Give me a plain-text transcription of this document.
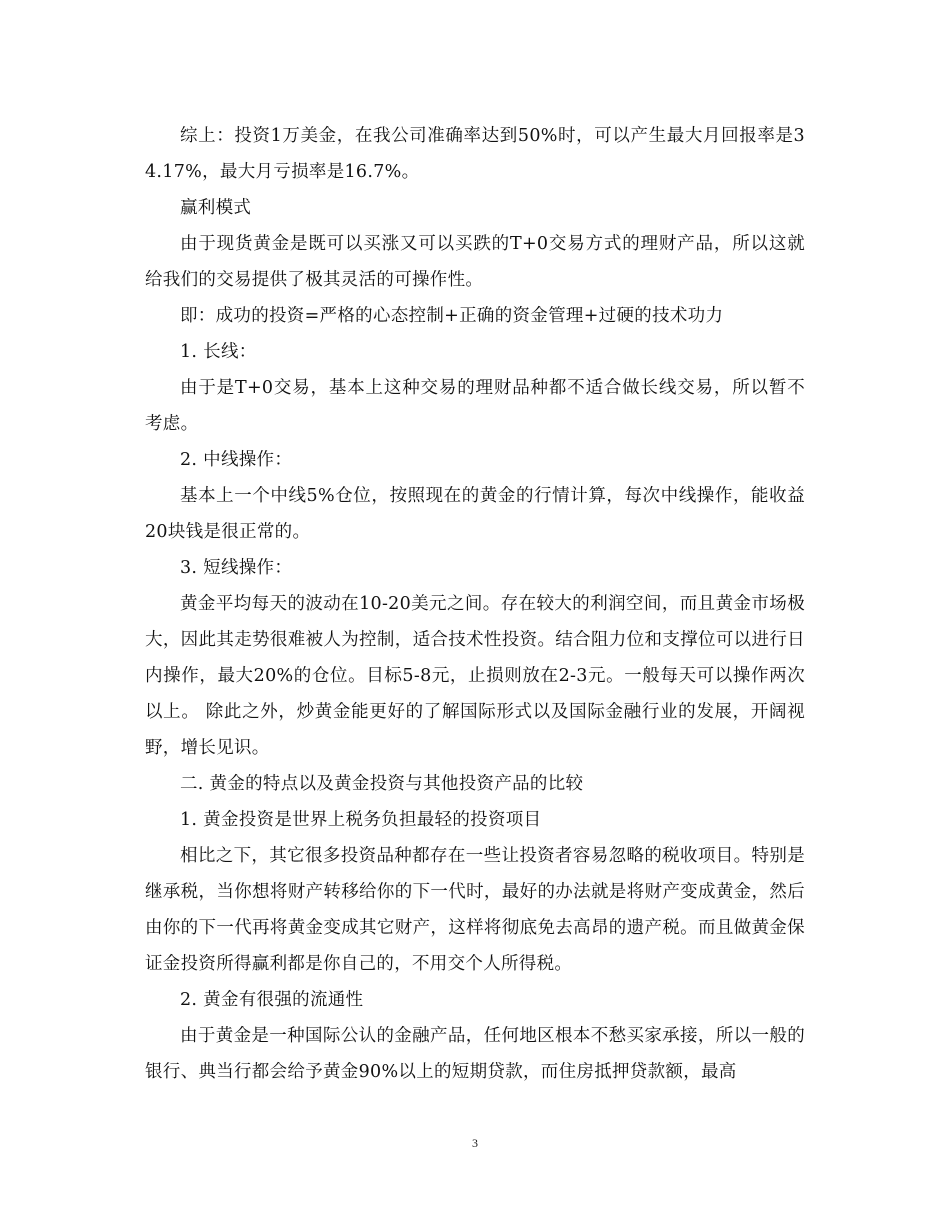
综上：投资1万美金，在我公司准确率达到50%时，可以产生最大月回报率是34.17%，最大月亏损率是16.7%。

赢利模式

由于现货黄金是既可以买涨又可以买跌的T+0交易方式的理财产品，所以这就给我们的交易提供了极其灵活的可操作性。

即：成功的投资=严格的心态控制+正确的资金管理+过硬的技术功力

1. 长线：

由于是T+0交易，基本上这种交易的理财品种都不适合做长线交易，所以暂不考虑。

2. 中线操作：

基本上一个中线5%仓位，按照现在的黄金的行情计算，每次中线操作，能收益20块钱是很正常的。

3. 短线操作：

黄金平均每天的波动在10-20美元之间。存在较大的利润空间，而且黄金市场极大，因此其走势很难被人为控制，适合技术性投资。结合阻力位和支撑位可以进行日内操作，最大20%的仓位。目标5-8元，止损则放在2-3元。一般每天可以操作两次以上。 除此之外，炒黄金能更好的了解国际形式以及国际金融行业的发展，开阔视野，增长见识。

二. 黄金的特点以及黄金投资与其他投资产品的比较

1. 黄金投资是世界上税务负担最轻的投资项目

相比之下，其它很多投资品种都存在一些让投资者容易忽略的税收项目。特别是继承税，当你想将财产转移给你的下一代时，最好的办法就是将财产变成黄金，然后由你的下一代再将黄金变成其它财产，这样将彻底免去高昂的遗产税。而且做黄金保证金投资所得赢利都是你自己的，不用交个人所得税。

2. 黄金有很强的流通性

由于黄金是一种国际公认的金融产品，任何地区根本不愁买家承接，所以一般的银行、典当行都会给予黄金90%以上的短期贷款，而住房抵押贷款额，最高

3
